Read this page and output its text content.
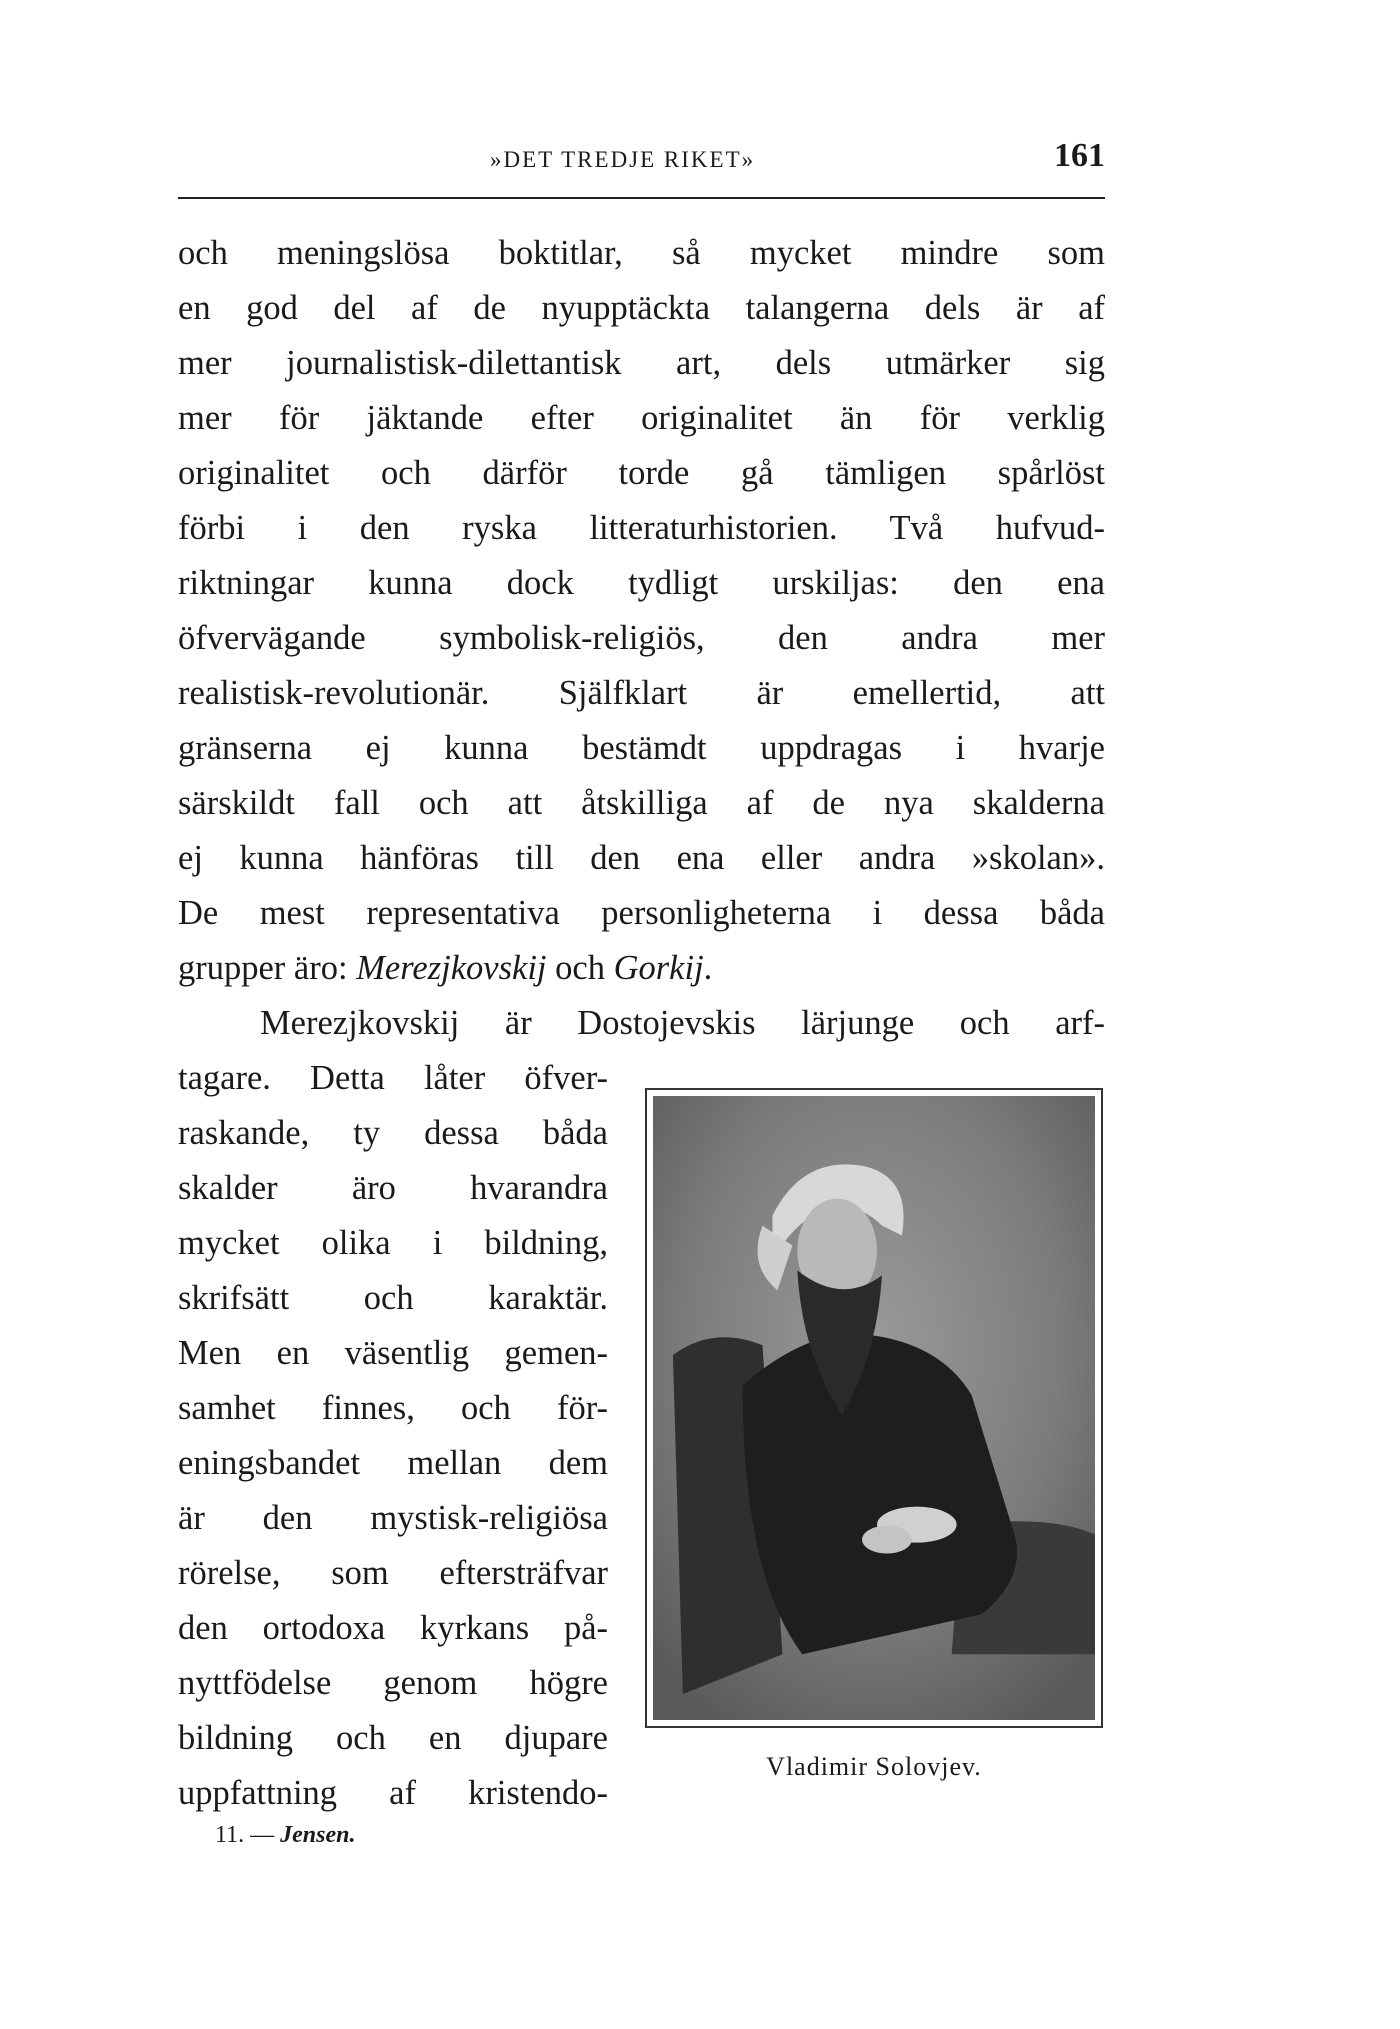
»DET TREDJE RIKET»	161
och meningslösa boktitlar, så mycket mindre som
en god del af de nyupptäckta talangerna dels är af
mer journalistisk-dilettantisk art, dels utmärker sig
mer för jäktande efter originalitet än för verklig
originalitet och därför torde gå tämligen spårlöst
förbi i den ryska litteraturhistorien. Två hufvud-
riktningar kunna dock tydligt urskiljas: den ena
öfvervägande symbolisk-religiös, den andra mer
realistisk-revolutionär. Själfklart är emellertid, att
gränserna ej kunna bestämdt uppdragas i hvarje
särskildt fall och att åtskilliga af de nya skalderna
ej kunna hänföras till den ena eller andra »skolan».
De mest representativa personligheterna i dessa båda
grupper äro: Merezjkovskij och Gorkij.
Merezjkovskij är Dostojevskis lärjunge och arf-
tagare. Detta låter öfver-
raskande, ty dessa båda
skalder äro hvarandra
mycket olika i bildning,
skrifsätt och karaktär.
Men en väsentlig gemen-
samhet finnes, och för-
eningsbandet mellan dem
är den mystisk-religiösa
rörelse, som eftersträfvar
den ortodoxa kyrkans på-
nyttfödelse genom högre
bildning och en djupare
uppfattning af kristendo-
Vladimir Solovjev.
11. — Jensen.
